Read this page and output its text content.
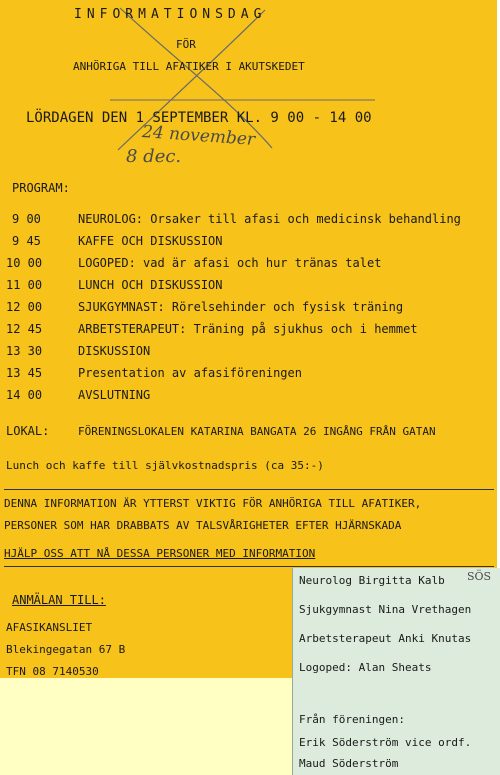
INFORMATIONSDAG
FÖR
ANHÖRIGA TILL AFATIKER I AKUTSKEDET
LÖRDAGEN DEN 1 SEPTEMBER KL. 9 00 - 14 00
24 november
8 dec.
PROGRAM:
9 00	NEUROLOG: Orsaker till afasi och medicinsk behandling
9 45	KAFFE OCH DISKUSSION
10 00	LOGOPED: vad är afasi och hur tränas talet
11 00	LUNCH OCH DISKUSSION
12 00	SJUKGYMNAST: Rörelsehinder och fysisk träning
12 45	ARBETSTERAPEUT: Träning på sjukhus och i hemmet
13 30	DISKUSSION
13 45	Presentation av afasiföreningen
14 00	AVSLUTNING
LOKAL:	FÖRENINGSLOKALEN KATARINA BANGATA 26 INGÅNG FRÅN GATAN
Lunch och kaffe till självkostnadspris (ca 35:-)
DENNA INFORMATION ÄR YTTERST VIKTIG FÖR ANHÖRIGA TILL AFATIKER,
PERSONER SOM HAR DRABBATS AV TALSVÅRIGHETER EFTER HJÄRNSKADA
HJÄLP OSS ATT NÅ DESSA PERSONER MED INFORMATION
ANMÄLAN TILL:
AFASIKANSLIET
Blekingegatan 67 B
TFN 08 7140530
Neurolog Birgitta Kalb SÖS
Sjukgymnast Nina Vrethagen
Arbetsterapeut Anki Knutas
Logoped: Alan Sheats
Från föreningen:
Erik Söderström vice ordf.
Maud Söderström
